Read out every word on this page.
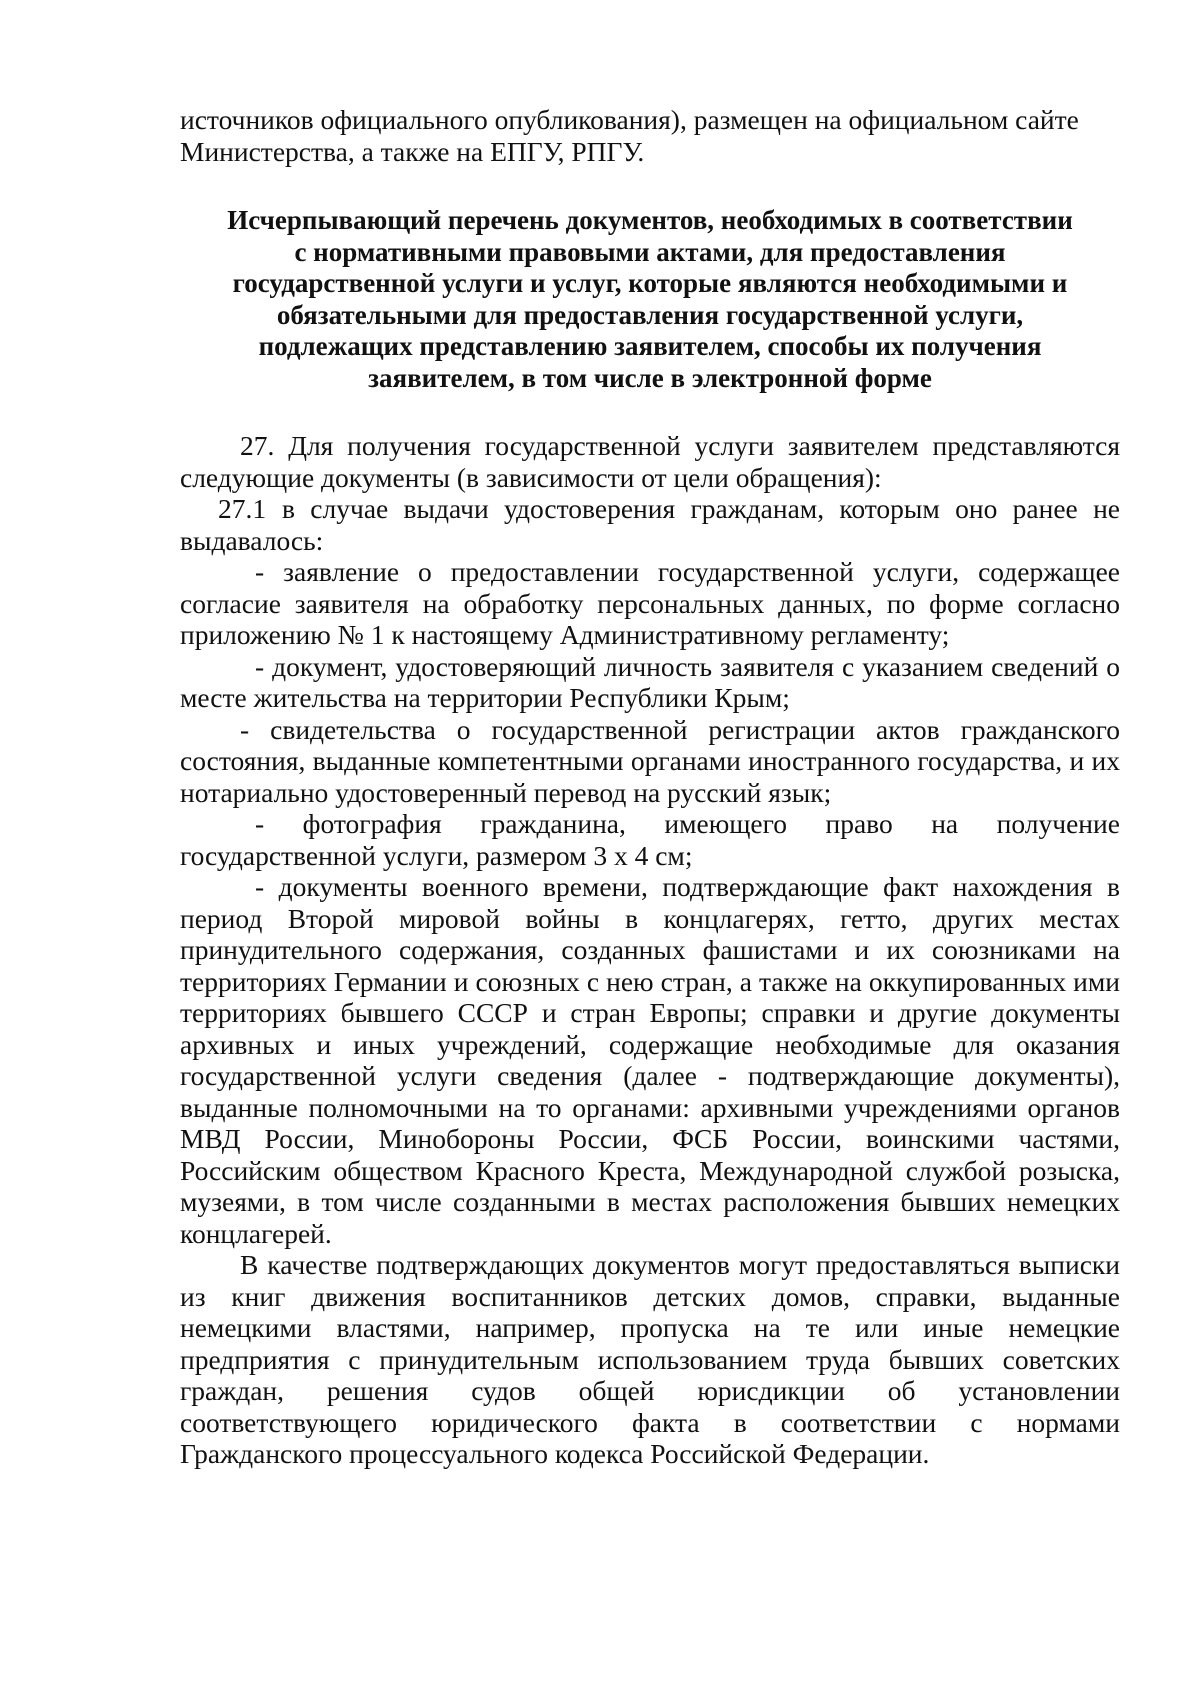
источников официального опубликования), размещен на официальном сайте
Министерства, а также на ЕПГУ, РПГУ.

Исчерпывающий перечень документов, необходимых в соответствии
с нормативными правовыми актами, для предоставления
государственной услуги и услуг, которые являются необходимыми и
обязательными для предоставления государственной услуги,
подлежащих представлению заявителем, способы их получения
заявителем, в том числе в электронной форме

27. Для получения государственной услуги заявителем представляются следующие документы (в зависимости от цели обращения):

27.1 в случае выдачи удостоверения гражданам, которым оно ранее не выдавалось:

- заявление о предоставлении государственной услуги, содержащее согласие заявителя на обработку персональных данных, по форме согласно приложению № 1 к настоящему Административному регламенту;

- документ, удостоверяющий личность заявителя с указанием сведений о месте жительства на территории Республики Крым;

- свидетельства о государственной регистрации актов гражданского состояния, выданные компетентными органами иностранного государства, и их нотариально удостоверенный перевод на русский язык;

- фотография гражданина, имеющего право на получение

государственной услуги, размером 3 х 4 см;

- документы военного времени, подтверждающие факт нахождения в период Второй мировой войны в концлагерях, гетто, других местах принудительного содержания, созданных фашистами и их союзниками на территориях Германии и союзных с нею стран, а также на оккупированных ими территориях бывшего СССР и стран Европы; справки и другие документы архивных и иных учреждений, содержащие необходимые для оказания государственной услуги сведения (далее - подтверждающие документы), выданные полномочными на то органами: архивными учреждениями органов МВД России, Минобороны России, ФСБ России, воинскими частями, Российским обществом Красного Креста, Международной службой розыска, музеями, в том числе созданными в местах расположения бывших немецких концлагерей.

В качестве подтверждающих документов могут предоставляться выписки из книг движения воспитанников детских домов, справки, выданные немецкими властями, например, пропуска на те или иные немецкие предприятия с принудительным использованием труда бывших советских граждан, решения судов общей юрисдикции об установлении соответствующего юридического факта в соответствии с нормами Гражданского процессуального кодекса Российской Федерации.
